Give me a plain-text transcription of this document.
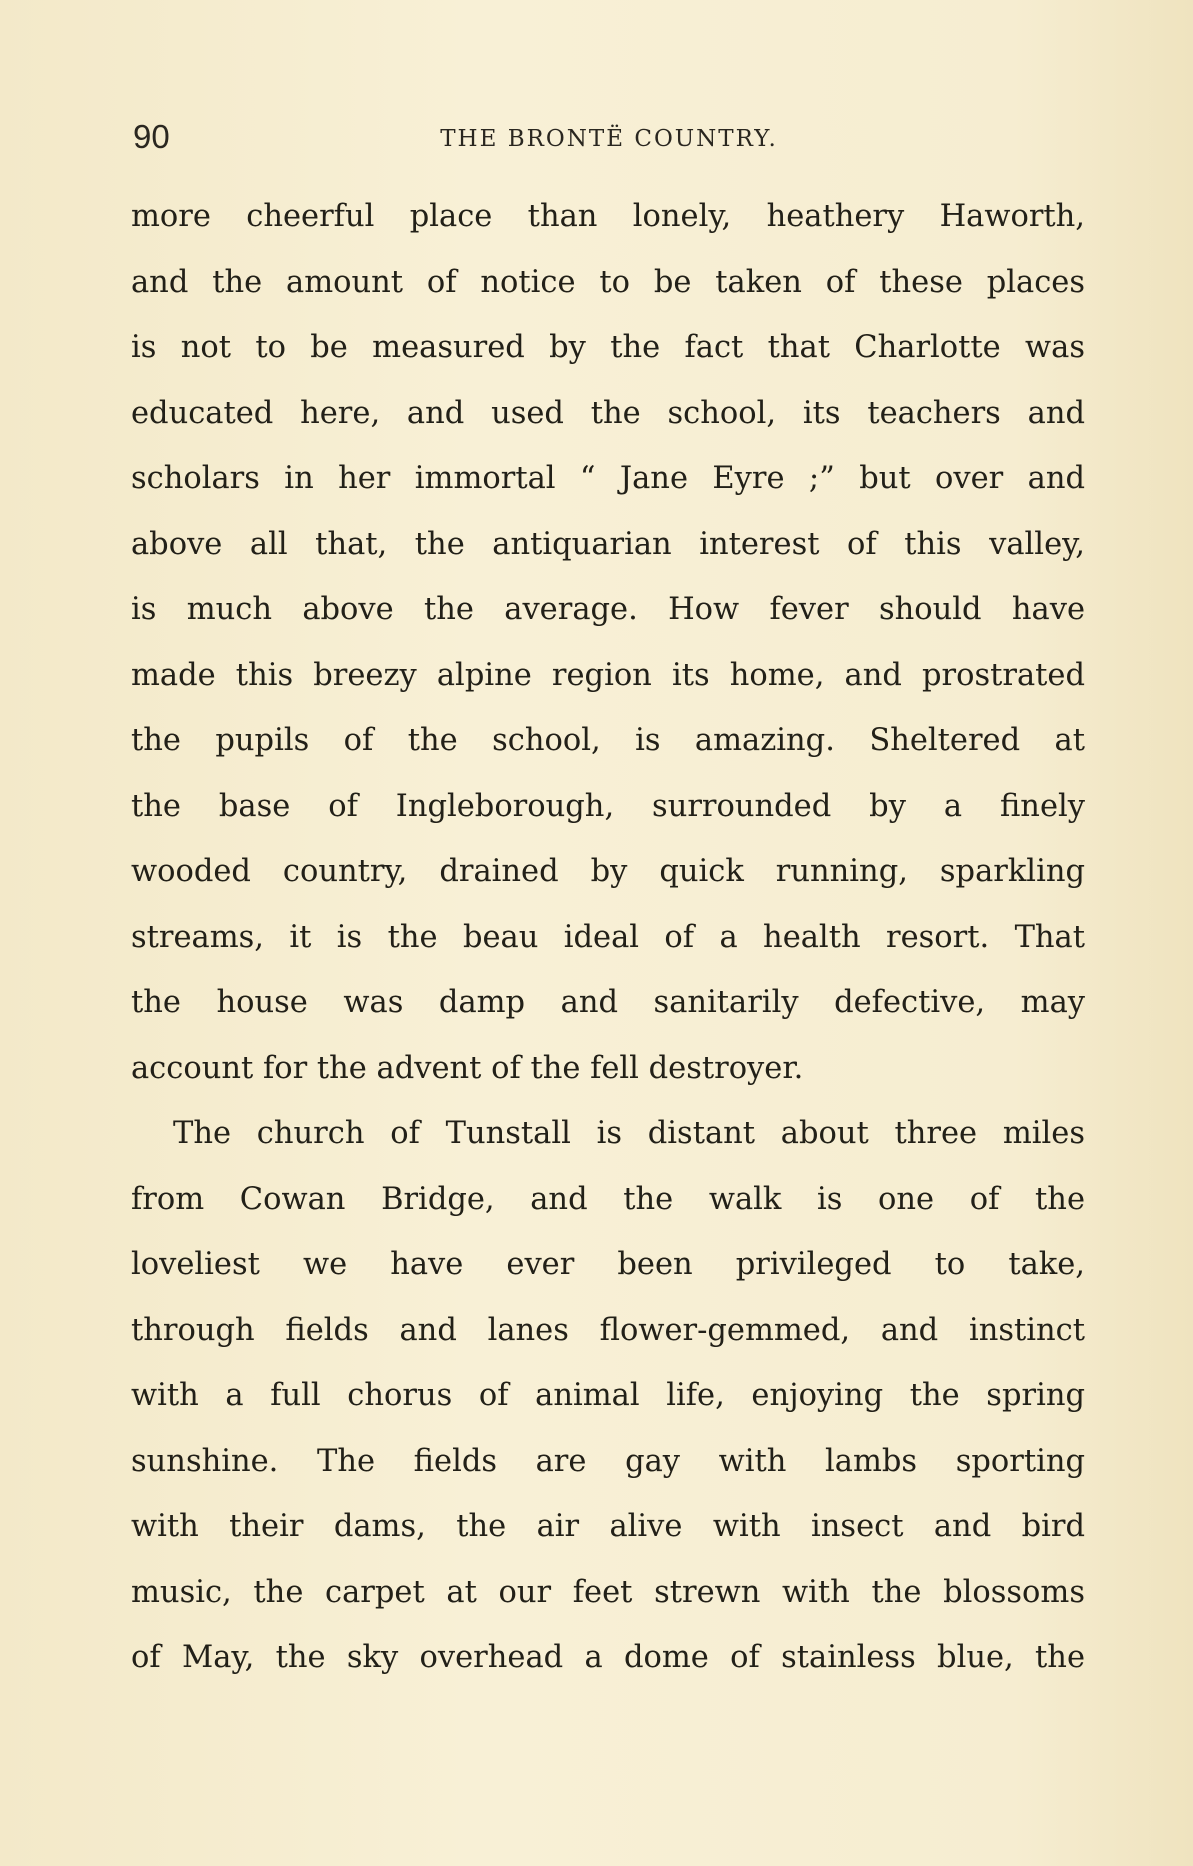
90	THE BRONTË COUNTRY.
more cheerful place than lonely, heathery Haworth,
and the amount of notice to be taken of these places
is not to be measured by the fact that Charlotte was
educated here, and used the school, its teachers and
scholars in her immortal “ Jane Eyre ;” but over and
above all that, the antiquarian interest of this valley,
is much above the average. How fever should have
made this breezy alpine region its home, and prostrated
the pupils of the school, is amazing. Sheltered at
the base of Ingleborough, surrounded by a finely
wooded country, drained by quick running, sparkling
streams, it is the beau ideal of a health resort. That
the house was damp and sanitarily defective, may
account for the advent of the fell destroyer.
The church of Tunstall is distant about three miles
from Cowan Bridge, and the walk is one of the
loveliest we have ever been privileged to take,
through fields and lanes flower-gemmed, and instinct
with a full chorus of animal life, enjoying the spring
sunshine. The fields are gay with lambs sporting
with their dams, the air alive with insect and bird
music, the carpet at our feet strewn with the blossoms
of May, the sky overhead a dome of stainless blue, the
